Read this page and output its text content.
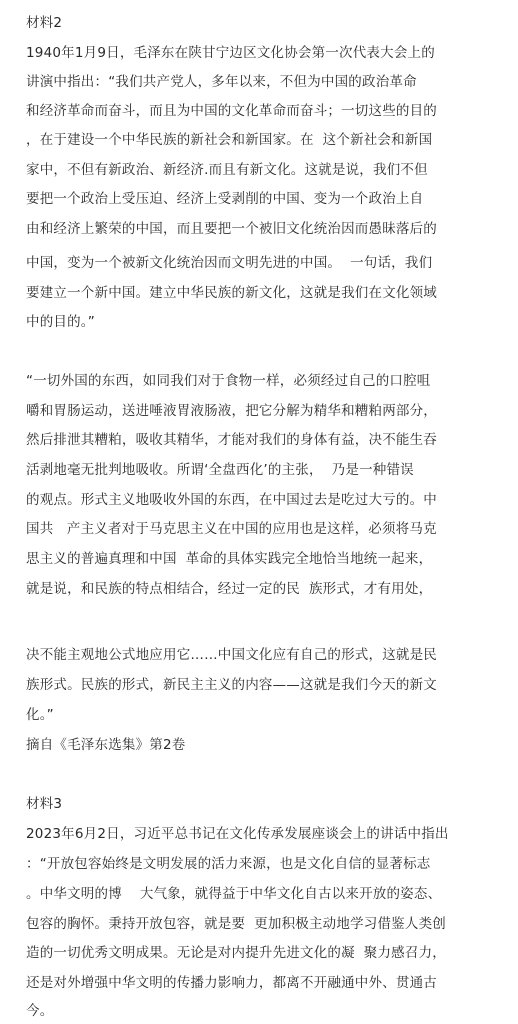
材料2
1940年1月9日，毛泽东在陕甘宁边区文化协会第一次代表大会上的
讲演中指出：“我们共产党人，多年以来，不但为中国的政治革命
和经济革命而奋斗，而且为中国的文化革命而奋斗；一切这些的目的
，在于建设一个中华民族的新社会和新国家。在  这个新社会和新国
家中，不但有新政治、新经济.而且有新文化。这就是说，我们不但
要把一个政治上受压迫、经济上受剥削的中国、变为一个政治上自
由和经济上繁荣的中国，而且要把一个被旧文化统治因而愚昧落后的
中国，变为一个被新文化统治因而文明先进的中国。  一句话，我们
要建立一个新中国。建立中华民族的新文化，这就是我们在文化领域
中的目的。”
“一切外国的东西，如同我们对于食物一样，必须经过自己的口腔咀
嚼和胃肠运动，送进唾液胃液肠液，把它分解为精华和糟粕两部分，
然后排泄其糟粕，吸收其精华，才能对我们的身体有益，决不能生吞
活剥地毫无批判地吸收。所谓‘全盘西化’的主张，  乃是一种错误
的观点。形式主义地吸收外国的东西，在中国过去是吃过大亏的。中
国共   产主义者对于马克思主义在中国的应用也是这样，必须将马克
思主义的普遍真理和中国  革命的具体实践完全地恰当地统一起来，
就是说，和民族的特点相结合，经过一定的民  族形式，才有用处，
决不能主观地公式地应用它……中国文化应有自己的形式，这就是民
族形式。民族的形式，新民主主义的内容——这就是我们今天的新文
化。”
摘自《毛泽东选集》第2卷
材料3
2023年6月2日，习近平总书记在文化传承发展座谈会上的讲话中指出
：“开放包容始终是文明发展的活力来源，也是文化自信的显著标志
。中华文明的博    大气象，就得益于中华文化自古以来开放的姿态、
包容的胸怀。秉持开放包容，就是要  更加积极主动地学习借鉴人类创
造的一切优秀文明成果。无论是对内提升先进文化的凝  聚力感召力，
还是对外增强中华文明的传播力影响力，都离不开融通中外、贯通古
今。
